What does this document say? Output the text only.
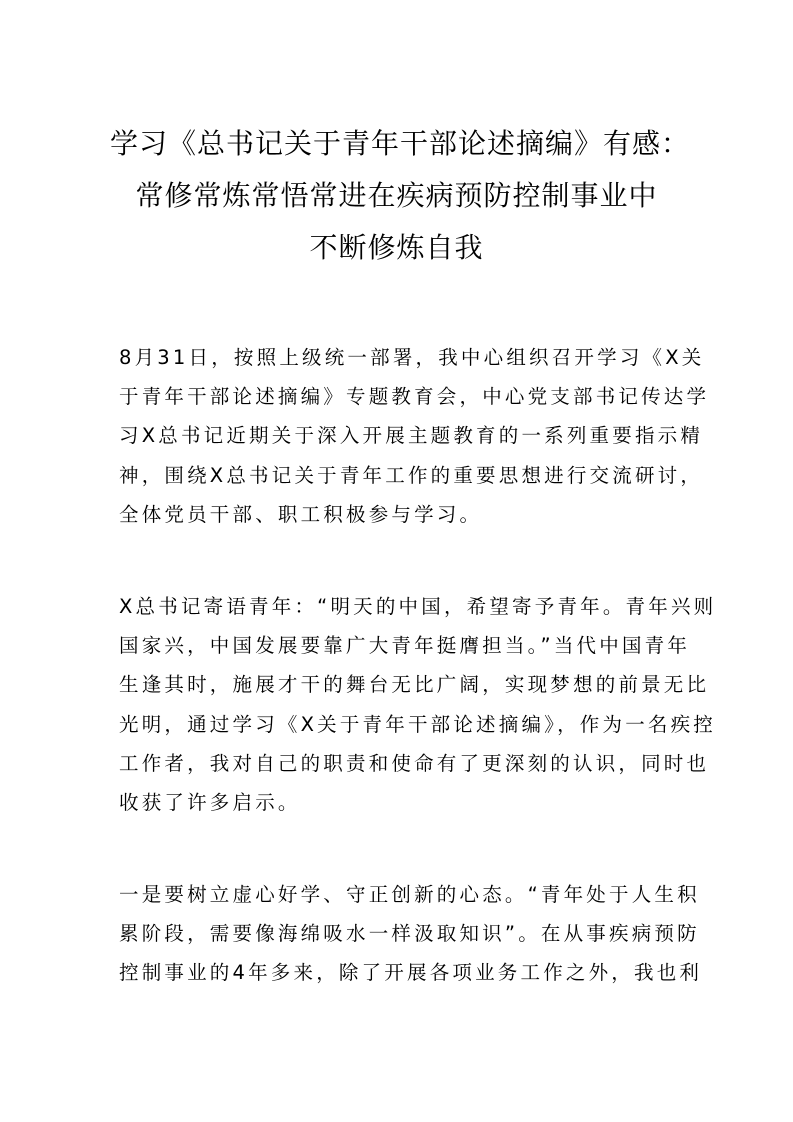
学习《总书记关于青年干部论述摘编》有感：
常修常炼常悟常进在疾病预防控制事业中
不断修炼自我
8月31日，按照上级统一部署，我中心组织召开学习《X关
于青年干部论述摘编》专题教育会，中心党支部书记传达学
习X总书记近期关于深入开展主题教育的一系列重要指示精
神，围绕X总书记关于青年工作的重要思想进行交流研讨，
全体党员干部、职工积极参与学习。
X总书记寄语青年：“明天的中国，希望寄予青年。青年兴则
国家兴，中国发展要靠广大青年挺膺担当。”当代中国青年
生逢其时，施展才干的舞台无比广阔，实现梦想的前景无比
光明，通过学习《X关于青年干部论述摘编》，作为一名疾控
工作者，我对自己的职责和使命有了更深刻的认识，同时也
收获了许多启示。
一是要树立虚心好学、守正创新的心态。“青年处于人生积
累阶段，需要像海绵吸水一样汲取知识”。在从事疾病预防
控制事业的4年多来，除了开展各项业务工作之外，我也利
